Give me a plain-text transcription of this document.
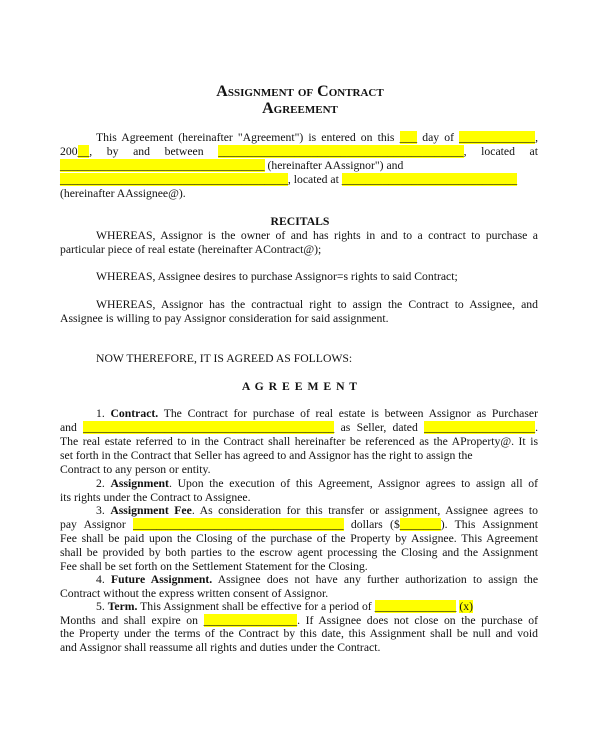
Assignment of Contract
Agreement
This Agreement (hereinafter "Agreement") is entered on this ___ day of _____________,
200__, by and between __________________________________________, located at
___________________________________ (hereinafter AAssignor") and
_______________________________________, located at ______________________________
(hereinafter AAssignee@).
RECITALS
WHEREAS, Assignor is the owner of and has rights in and to a contract to purchase a
particular piece of real estate (hereinafter AContract@);
WHEREAS, Assignee desires to purchase Assignor=s rights to said Contract;
WHEREAS, Assignor has the contractual right to assign the Contract to Assignee, and
Assignee is willing to pay Assignor consideration for said assignment.
NOW THEREFORE, IT IS AGREED AS FOLLOWS:
A G R E E M E N T
1. Contract. The Contract for purchase of real estate is between Assignor as Purchaser
and ___________________________________________ as Seller, dated ___________________.
The real estate referred to in the Contract shall hereinafter be referenced as the AProperty@. It is
set forth in the Contract that Seller has agreed to and Assignor has the right to assign the
Contract to any person or entity.
2. Assignment. Upon the execution of this Agreement, Assignor agrees to assign all of
its rights under the Contract to Assignee.
3. Assignment Fee. As consideration for this transfer or assignment, Assignee agrees to
pay Assignor ____________________________________ dollars ($_______). This Assignment
Fee shall be paid upon the Closing of the purchase of the Property by Assignee. This Agreement
shall be provided by both parties to the escrow agent processing the Closing and the Assignment
Fee shall be set forth on the Settlement Statement for the Closing.
4. Future Assignment. Assignee does not have any further authorization to assign the
Contract without the express written consent of Assignor.
5. Term. This Assignment shall be effective for a period of ______________ (x)
Months and shall expire on ________________. If Assignee does not close on the purchase of
the Property under the terms of the Contract by this date, this Assignment shall be null and void
and Assignor shall reassume all rights and duties under the Contract.
